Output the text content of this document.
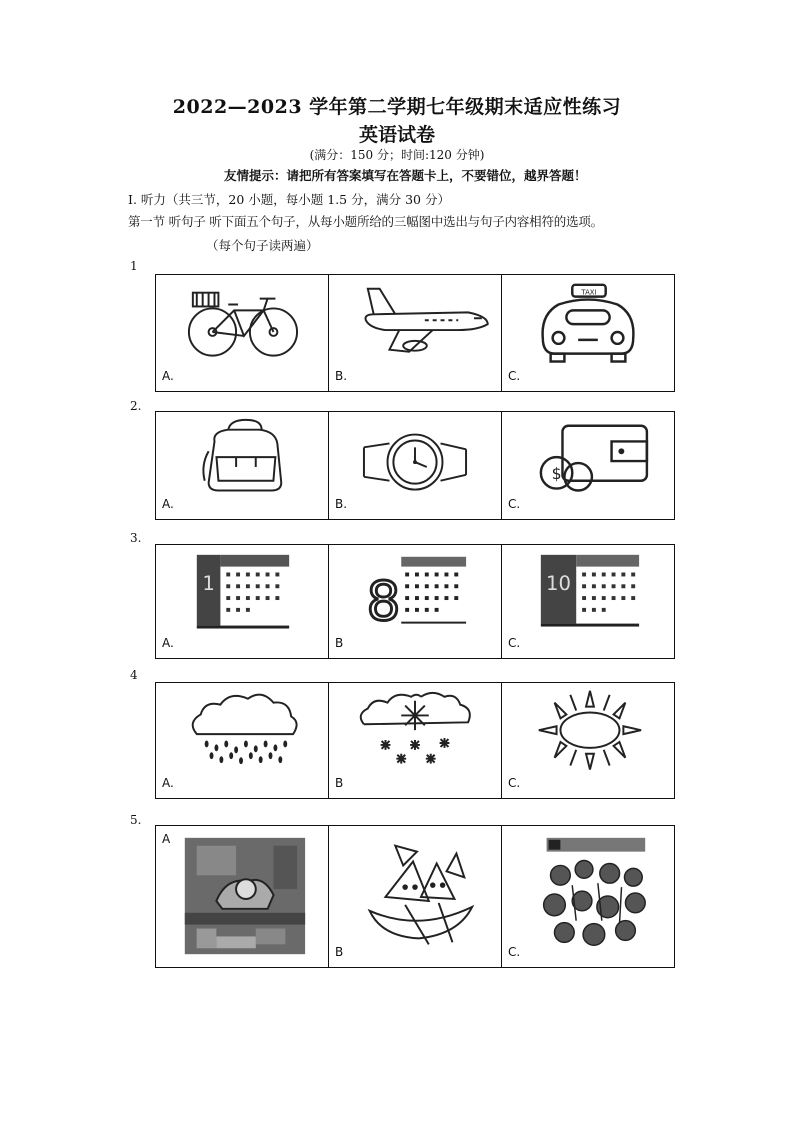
2022—2023 学年第二学期七年级期末适应性练习
英语试卷
(满分：150 分；时间:120 分钟)
友情提示：请把所有答案填写在答题卡上，不要错位，越界答题！
I. 听力（共三节，20 小题，每小题 1.5 分，满分 30 分）
第一节 听句子 听下面五个句子，从每小题所给的三幅图中选出与句子内容相符的选项。
（每个句子读两遍）
1
A.	B.
TAXI
C.
2.
A.	B.
$
C.
3.
1
A.
8
B
10
C.
4
A.	B	C.
5.
A
B	C.
